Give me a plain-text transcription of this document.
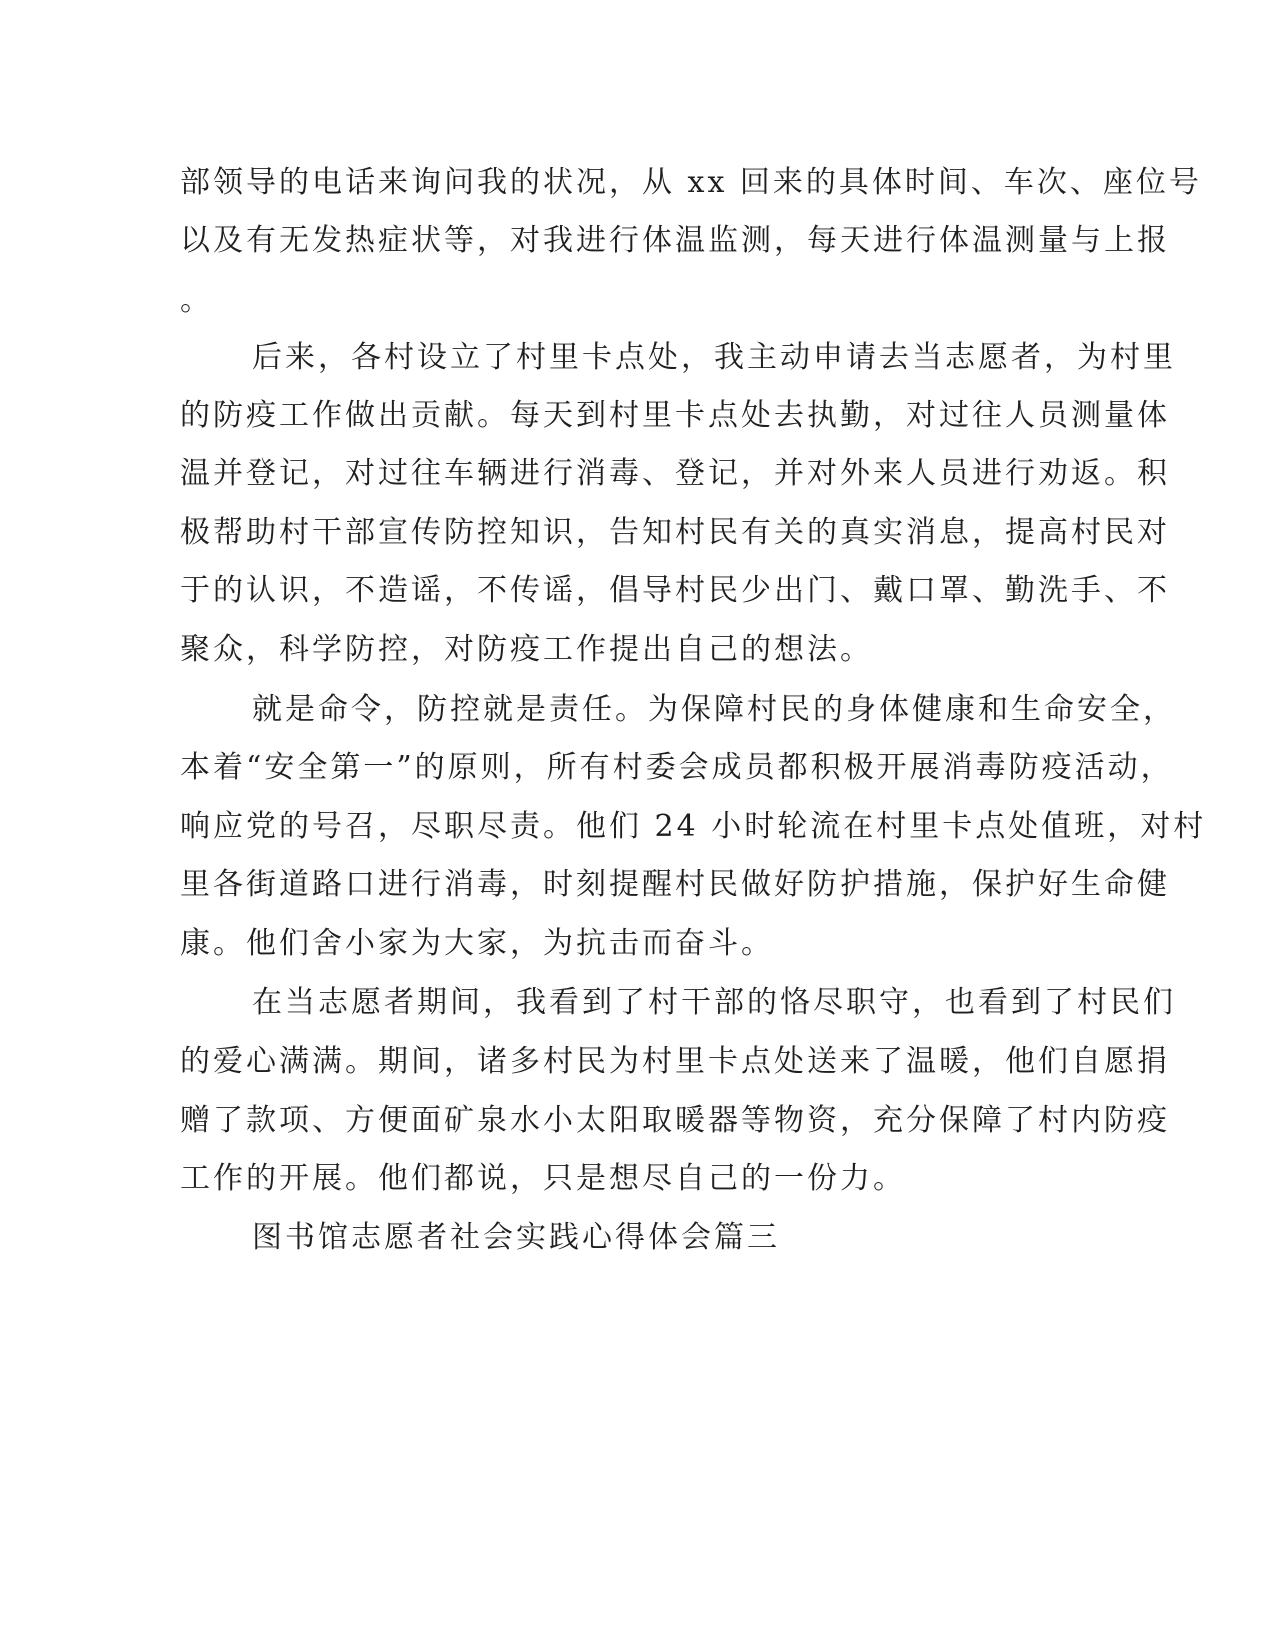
部领导的电话来询问我的状况，从 xx 回来的具体时间、车次、座位号
以及有无发热症状等，对我进行体温监测，每天进行体温测量与上报
。
后来，各村设立了村里卡点处，我主动申请去当志愿者，为村里
的防疫工作做出贡献。每天到村里卡点处去执勤，对过往人员测量体
温并登记，对过往车辆进行消毒、登记，并对外来人员进行劝返。积
极帮助村干部宣传防控知识，告知村民有关的真实消息，提高村民对
于的认识，不造谣，不传谣，倡导村民少出门、戴口罩、勤洗手、不
聚众，科学防控，对防疫工作提出自己的想法。
就是命令，防控就是责任。为保障村民的身体健康和生命安全，
本着“安全第一”的原则，所有村委会成员都积极开展消毒防疫活动，
响应党的号召，尽职尽责。他们 24 小时轮流在村里卡点处值班，对村
里各街道路口进行消毒，时刻提醒村民做好防护措施，保护好生命健
康。他们舍小家为大家，为抗击而奋斗。
在当志愿者期间，我看到了村干部的恪尽职守，也看到了村民们
的爱心满满。期间，诸多村民为村里卡点处送来了温暖，他们自愿捐
赠了款项、方便面矿泉水小太阳取暖器等物资，充分保障了村内防疫
工作的开展。他们都说，只是想尽自己的一份力。
图书馆志愿者社会实践心得体会篇三
